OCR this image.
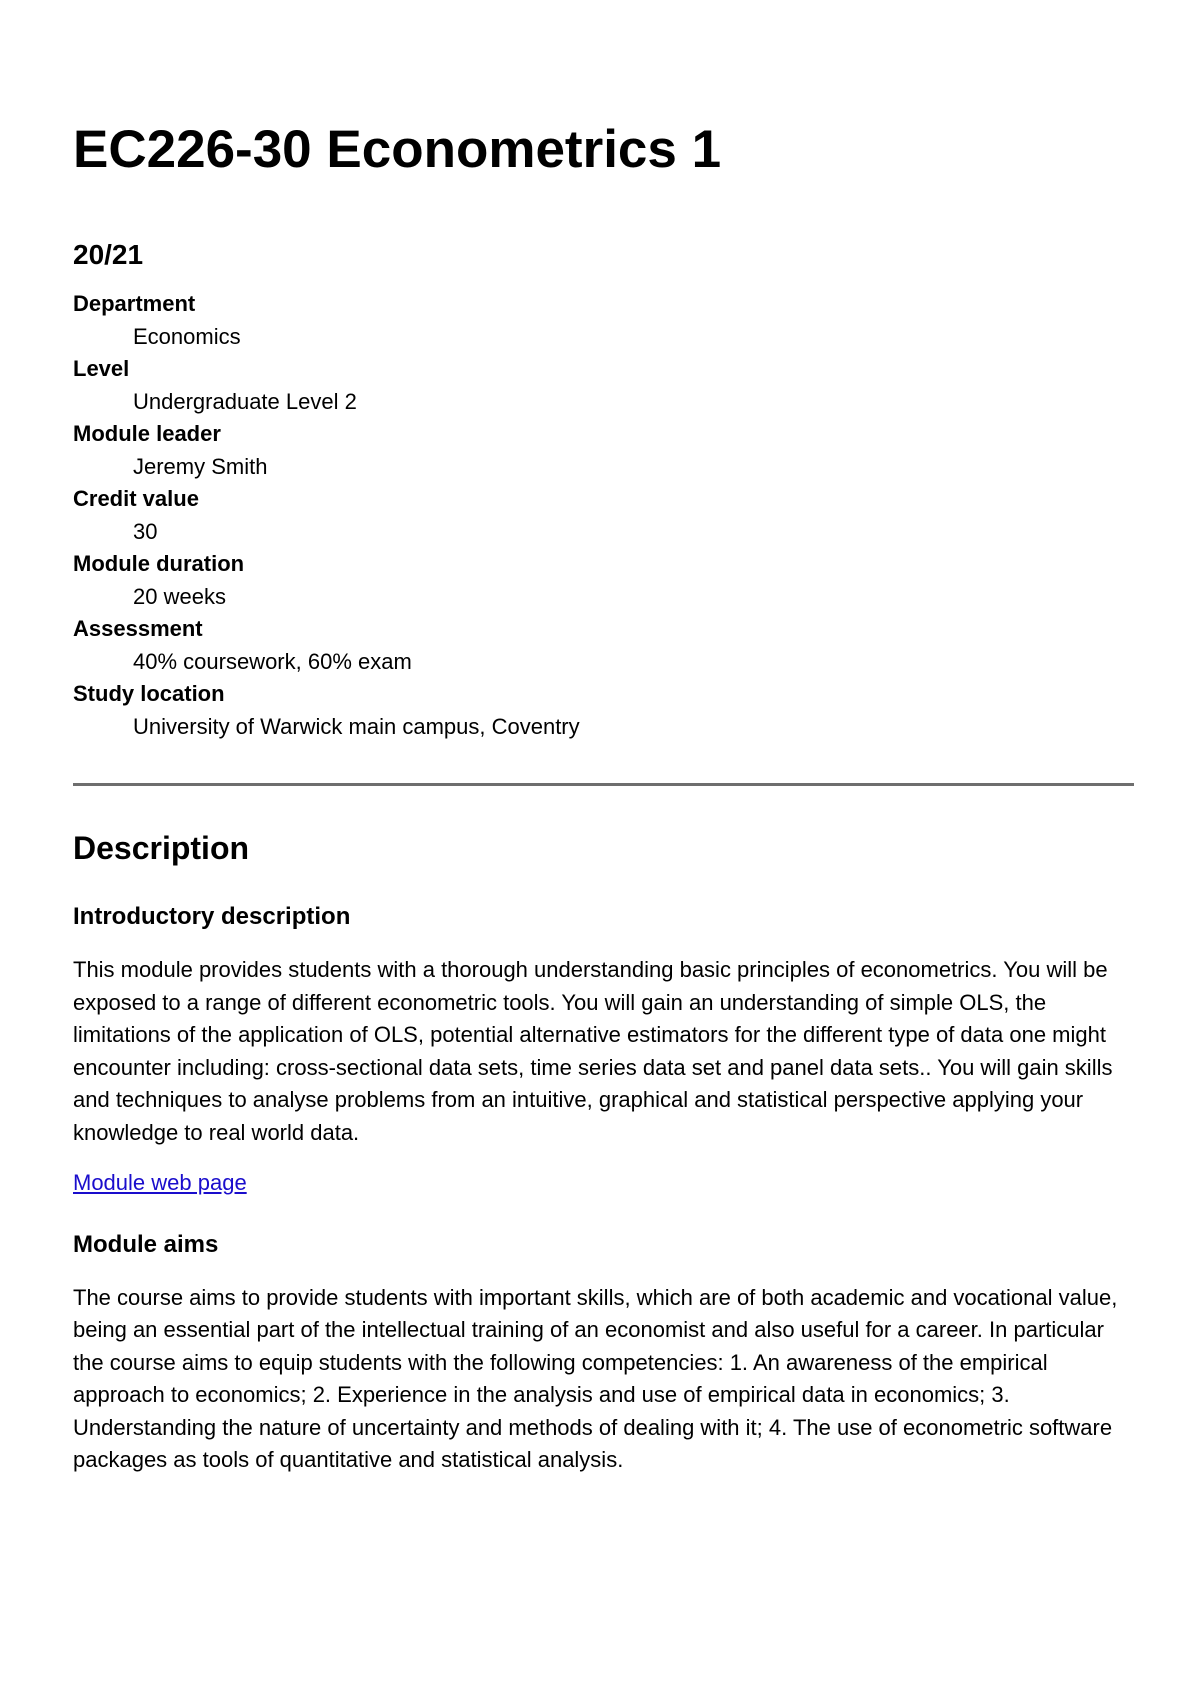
EC226-30 Econometrics 1
20/21
Department
Economics
Level
Undergraduate Level 2
Module leader
Jeremy Smith
Credit value
30
Module duration
20 weeks
Assessment
40% coursework, 60% exam
Study location
University of Warwick main campus, Coventry
Description
Introductory description

This module provides students with a thorough understanding basic principles of econometrics. You will be exposed to a range of different econometric tools. You will gain an understanding of simple OLS, the limitations of the application of OLS, potential alternative estimators for the different type of data one might encounter including: cross-sectional data sets, time series data set and panel data sets.. You will gain skills and techniques to analyse problems from an intuitive, graphical and statistical perspective applying your knowledge to real world data.

Module web page
Module aims

The course aims to provide students with important skills, which are of both academic and vocational value, being an essential part of the intellectual training of an economist and also useful for a career. In particular the course aims to equip students with the following competencies: 1. An awareness of the empirical approach to economics; 2. Experience in the analysis and use of empirical data in economics; 3. Understanding the nature of uncertainty and methods of dealing with it; 4. The use of econometric software packages as tools of quantitative and statistical analysis.
